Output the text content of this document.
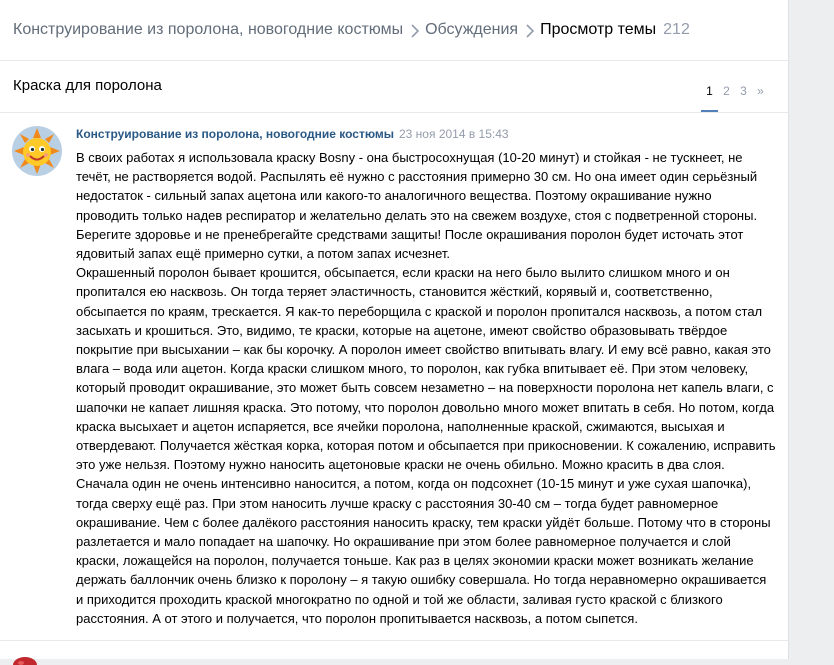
Конструирование из поролона, новогодние костюмы Обсуждения Просмотр темы 212
Краска для поролона	1 2 3 »
Конструирование из поролона, новогодние костюмы 23 ноя 2014 в 15:43

В своих работах я использовала краску Bosny - она быстросохнущая (10-20 минут) и стойкая - не тускнеет, не течёт, не растворяется водой. Распылять её нужно с расстояния примерно 30 см. Но она имеет один серьёзный недостаток - сильный запах ацетона или какого-то аналогичного вещества. Поэтому окрашивание нужно проводить только надев респиратор и желательно делать это на свежем воздухе, стоя с подветренной стороны. Берегите здоровье и не пренебрегайте средствами защиты! После окрашивания поролон будет источать этот ядовитый запах ещё примерно сутки, а потом запах исчезнет.

Окрашенный поролон бывает крошится, обсыпается, если краски на него было вылито слишком много и он пропитался ею насквозь. Он тогда теряет эластичность, становится жёсткий, корявый и, соответственно, обсыпается по краям, трескается. Я как-то переборщила с краской и поролон пропитался насквозь, а потом стал засыхать и крошиться. Это, видимо, те краски, которые на ацетоне, имеют свойство образовывать твёрдое покрытие при высыхании – как бы корочку. А поролон имеет свойство впитывать влагу. И ему всё равно, какая это влага – вода или ацетон. Когда краски слишком много, то поролон, как губка впитывает её. При этом человеку, который проводит окрашивание, это может быть совсем незаметно – на поверхности поролона нет капель влаги, с шапочки не капает лишняя краска. Это потому, что поролон довольно много может впитать в себя. Но потом, когда краска высыхает и ацетон испаряется, все ячейки поролона, наполненные краской, сжимаются, высыхая и отвердевают. Получается жёсткая корка, которая потом и обсыпается при прикосновении. К сожалению, исправить это уже нельзя. Поэтому нужно наносить ацетоновые краски не очень обильно. Можно красить в два слоя. Сначала один не очень интенсивно наносится, а потом, когда он подсохнет (10-15 минут и уже сухая шапочка), тогда сверху ещё раз. При этом наносить лучше краску с расстояния 30-40 см – тогда будет равномерное окрашивание. Чем с более далёкого расстояния наносить краску, тем краски уйдёт больше. Потому что в стороны разлетается и мало попадает на шапочку. Но окрашивание при этом более равномерное получается и слой краски, ложащейся на поролон, получается тоньше. Как раз в целях экономии краски может возникать желание держать баллончик очень близко к поролону – я такую ошибку совершала. Но тогда неравномерно окрашивается и приходится проходить краской многократно по одной и той же области, заливая густо краской с близкого расстояния. А от этого и получается, что поролон пропитывается насквозь, а потом сыпется.
